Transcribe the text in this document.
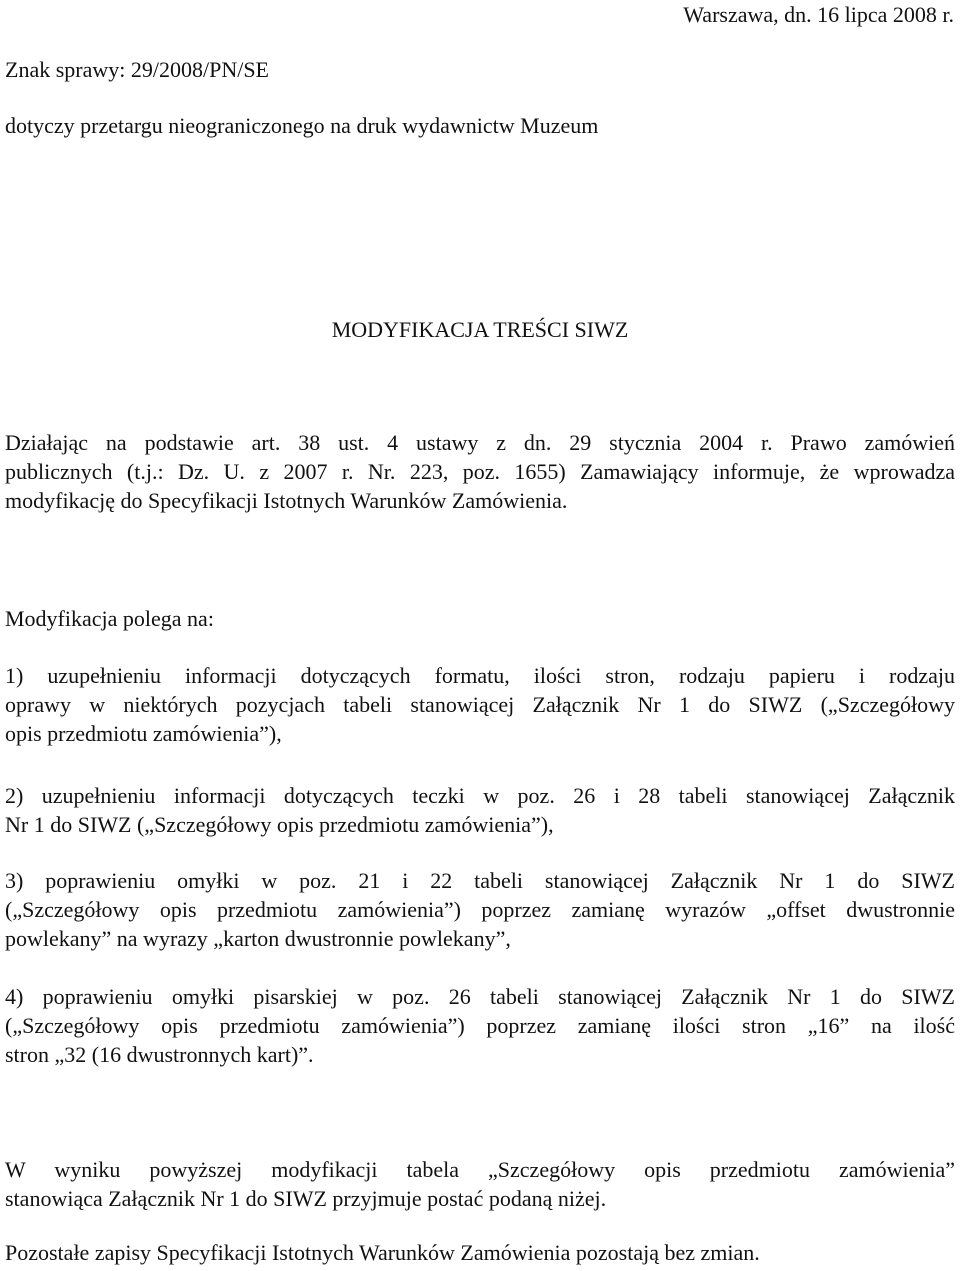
Warszawa, dn. 16 lipca 2008 r.
Znak sprawy: 29/2008/PN/SE
dotyczy przetargu nieograniczonego na druk wydawnictw Muzeum
MODYFIKACJA TREŚCI SIWZ
Działając na podstawie art. 38 ust. 4 ustawy z dn. 29 stycznia 2004 r. Prawo zamówień
publicznych (t.j.: Dz. U. z 2007 r. Nr. 223, poz. 1655) Zamawiający informuje, że wprowadza
modyfikację do Specyfikacji Istotnych Warunków Zamówienia.
Modyfikacja polega na:
1) uzupełnieniu informacji dotyczących formatu, ilości stron, rodzaju papieru i rodzaju
oprawy w niektórych pozycjach tabeli stanowiącej Załącznik Nr 1 do SIWZ („Szczegółowy
opis przedmiotu zamówienia”),
2) uzupełnieniu informacji dotyczących teczki w poz. 26 i 28 tabeli stanowiącej Załącznik
Nr 1 do SIWZ („Szczegółowy opis przedmiotu zamówienia”),
3) poprawieniu omyłki w poz. 21 i 22 tabeli stanowiącej Załącznik Nr 1 do SIWZ
(„Szczegółowy opis przedmiotu zamówienia”) poprzez zamianę wyrazów „offset dwustronnie
powlekany” na wyrazy „karton dwustronnie powlekany”,
4) poprawieniu omyłki pisarskiej w poz. 26 tabeli stanowiącej Załącznik Nr 1 do SIWZ
(„Szczegółowy opis przedmiotu zamówienia”) poprzez zamianę ilości stron „16” na ilość
stron „32 (16 dwustronnych kart)”.
W wyniku powyższej modyfikacji tabela „Szczegółowy opis przedmiotu zamówienia”
stanowiąca Załącznik Nr 1 do SIWZ przyjmuje postać podaną niżej.
Pozostałe zapisy Specyfikacji Istotnych Warunków Zamówienia pozostają bez zmian.
